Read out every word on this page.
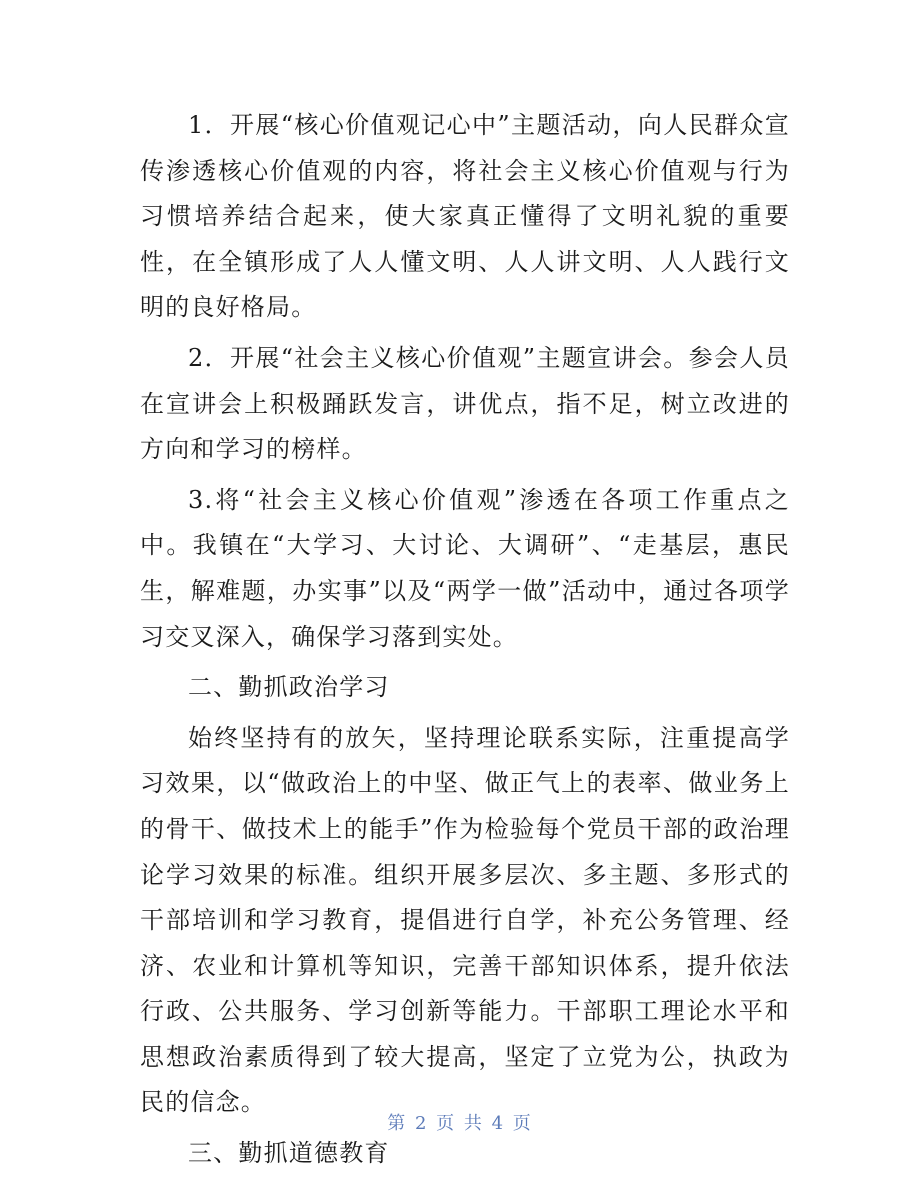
1．开展“核心价值观记心中”主题活动，向人民群众宣传渗透核心价值观的内容，将社会主义核心价值观与行为习惯培养结合起来，使大家真正懂得了文明礼貌的重要性，在全镇形成了人人懂文明、人人讲文明、人人践行文明的良好格局。

2．开展“社会主义核心价值观”主题宣讲会。参会人员在宣讲会上积极踊跃发言，讲优点，指不足，树立改进的方向和学习的榜样。

3.将“社会主义核心价值观”渗透在各项工作重点之中。我镇在“大学习、大讨论、大调研”、“走基层，惠民生，解难题，办实事”以及“两学一做”活动中，通过各项学习交叉深入，确保学习落到实处。

二、勤抓政治学习

始终坚持有的放矢，坚持理论联系实际，注重提高学习效果，以“做政治上的中坚、做正气上的表率、做业务上的骨干、做技术上的能手”作为检验每个党员干部的政治理论学习效果的标准。组织开展多层次、多主题、多形式的干部培训和学习教育，提倡进行自学，补充公务管理、经济、农业和计算机等知识，完善干部知识体系，提升依法行政、公共服务、学习创新等能力。干部职工理论水平和思想政治素质得到了较大提高，坚定了立党为公，执政为民的信念。

三、勤抓道德教育

第 2 页 共 4 页
